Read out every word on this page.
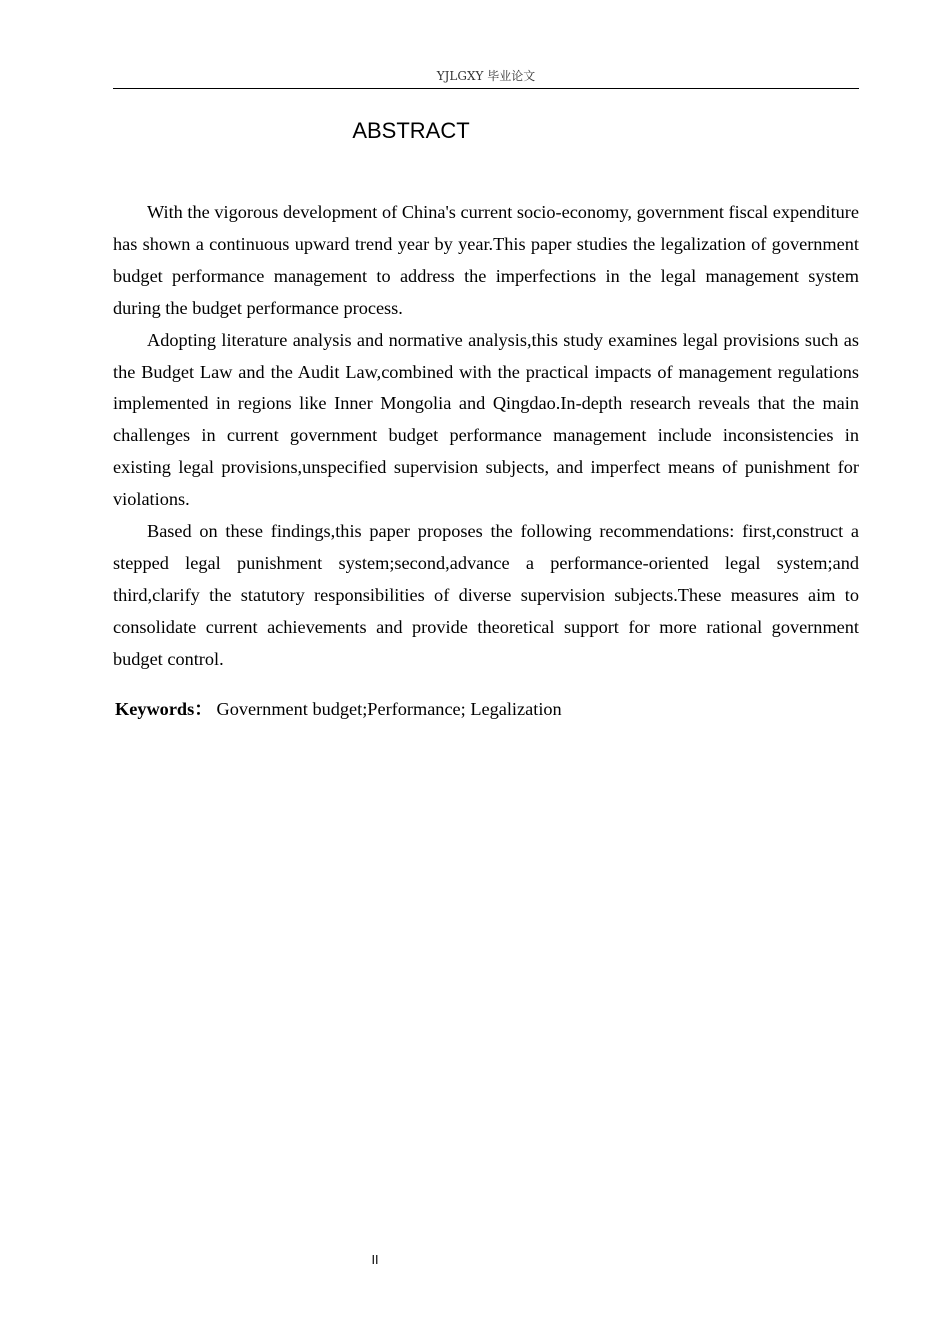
YJLGXY 毕业论文
ABSTRACT

With the vigorous development of China's current socio-economy, government fiscal expenditure has shown a continuous upward trend year by year.This paper studies the legalization of government budget performance management to address the imperfections in the legal management system during the budget performance process.

Adopting literature analysis and normative analysis,this study examines legal provisions such as the Budget Law and the Audit Law,combined with the practical impacts of management regulations implemented in regions like Inner Mongolia and Qingdao.In-depth research reveals that the main challenges in current government budget performance management include inconsistencies in existing legal provisions,unspecified supervision subjects, and imperfect means of punishment for violations.

Based on these findings,this paper proposes the following recommendations: first,construct a stepped legal punishment system;second,advance a performance-oriented legal system;and third,clarify the statutory responsibilities of diverse supervision subjects.These measures aim to consolidate current achievements and provide theoretical support for more rational government budget control.

Keywords： Government budget;Performance; Legalization
II
